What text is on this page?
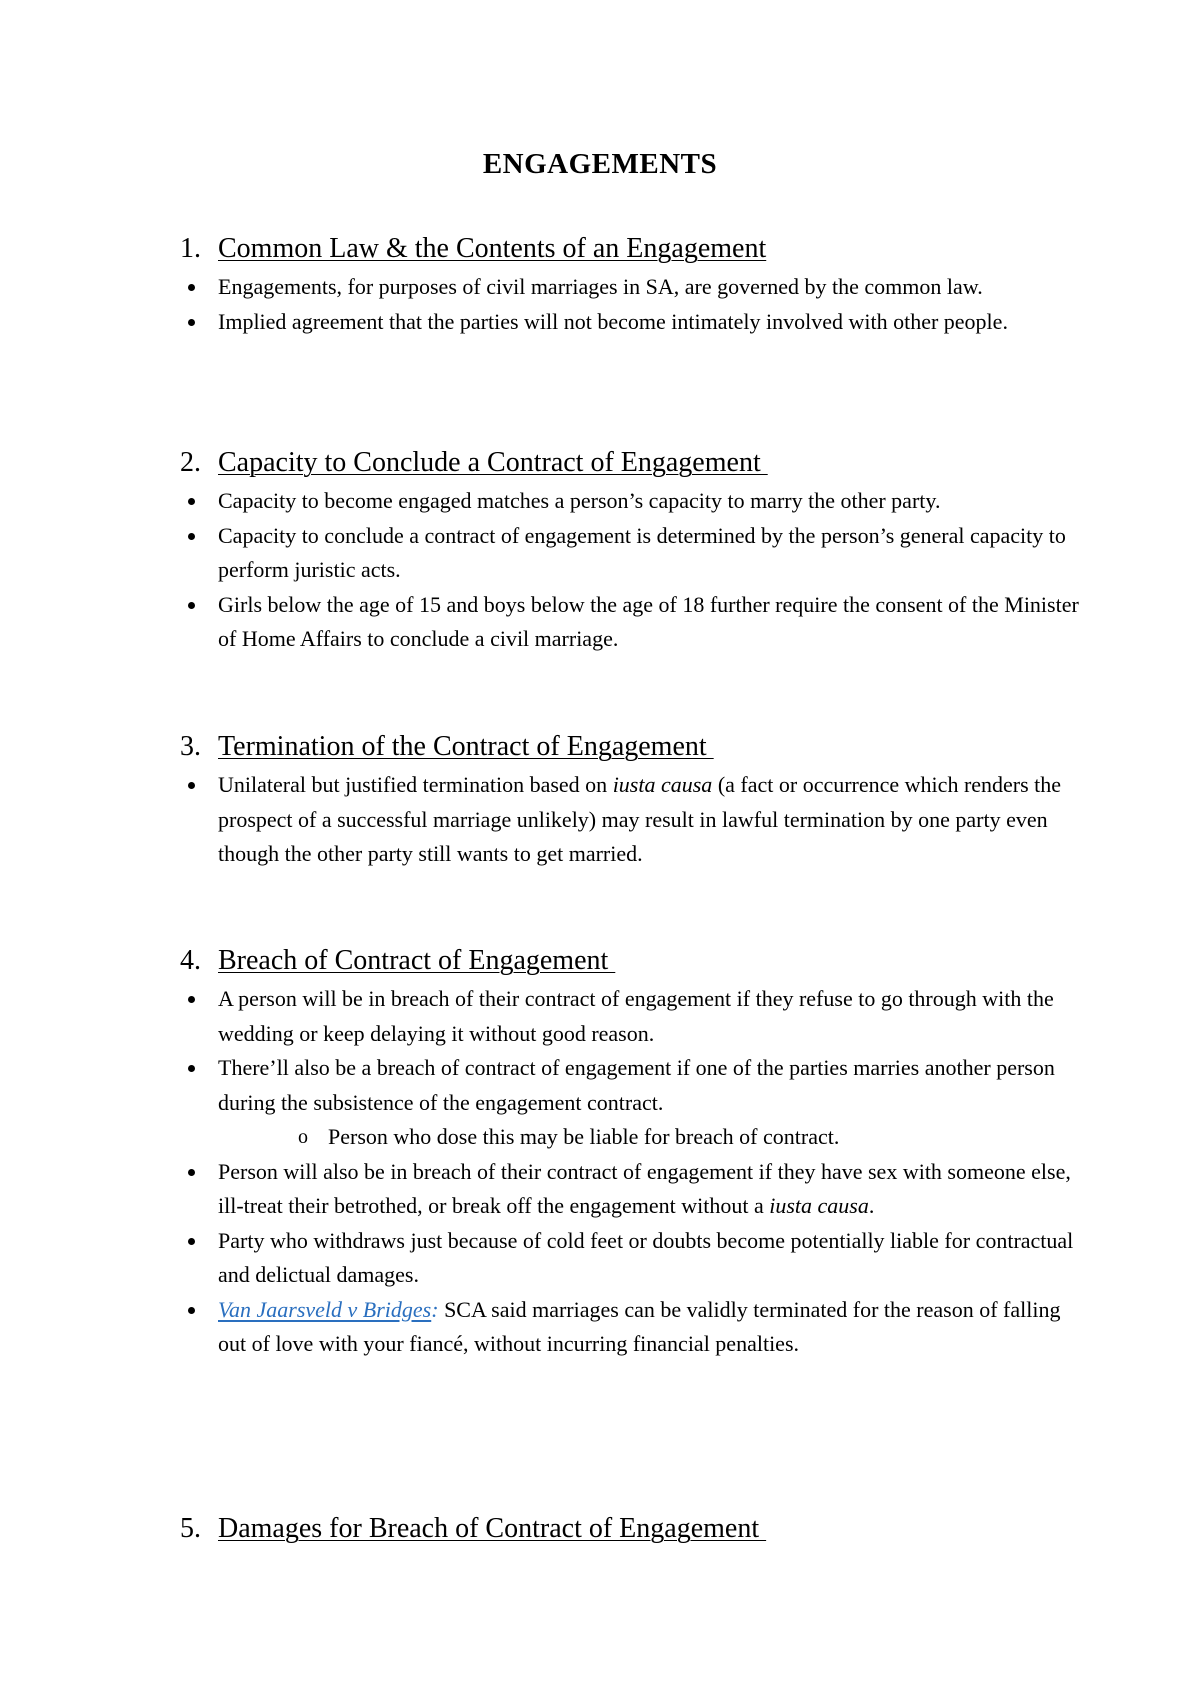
ENGAGEMENTS
1. Common Law & the Contents of an Engagement
Engagements, for purposes of civil marriages in SA, are governed by the common law.
Implied agreement that the parties will not become intimately involved with other people.
2. Capacity to Conclude a Contract of Engagement
Capacity to become engaged matches a person’s capacity to marry the other party.
Capacity to conclude a contract of engagement is determined by the person’s general capacity to perform juristic acts.
Girls below the age of 15 and boys below the age of 18 further require the consent of the Minister of Home Affairs to conclude a civil marriage.
3. Termination of the Contract of Engagement
Unilateral but justified termination based on iusta causa (a fact or occurrence which renders the prospect of a successful marriage unlikely) may result in lawful termination by one party even though the other party still wants to get married.
4. Breach of Contract of Engagement
A person will be in breach of their contract of engagement if they refuse to go through with the wedding or keep delaying it without good reason.
There’ll also be a breach of contract of engagement if one of the parties marries another person during the subsistence of the engagement contract.
o Person who dose this may be liable for breach of contract.
Person will also be in breach of their contract of engagement if they have sex with someone else, ill-treat their betrothed, or break off the engagement without a iusta causa.
Party who withdraws just because of cold feet or doubts become potentially liable for contractual and delictual damages.
Van Jaarsveld v Bridges: SCA said marriages can be validly terminated for the reason of falling out of love with your fiancé, without incurring financial penalties.
5. Damages for Breach of Contract of Engagement
